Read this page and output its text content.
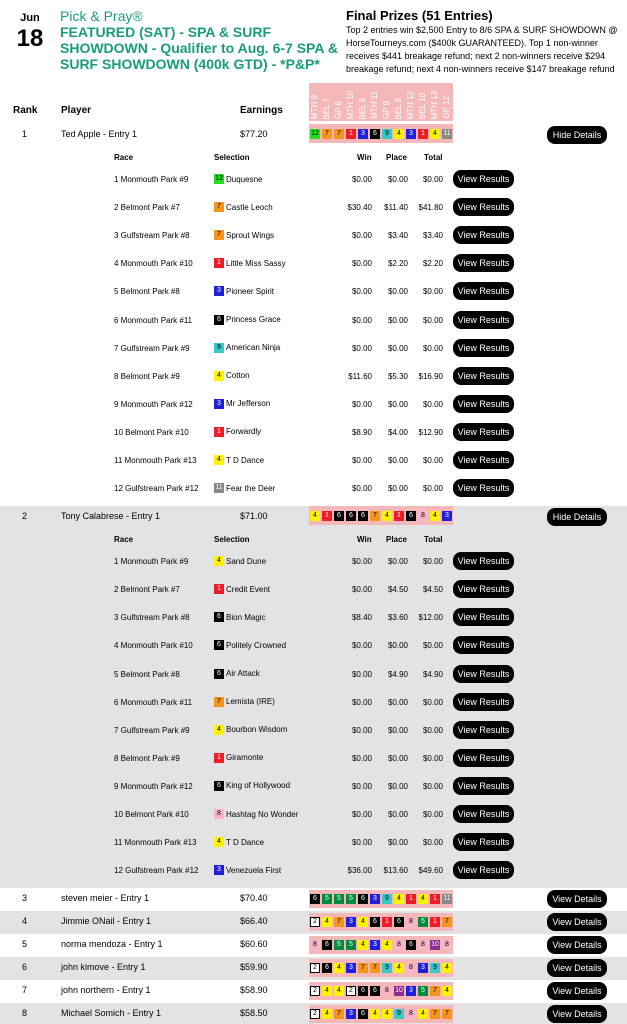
Jun
18
Pick & Pray®
FEATURED (SAT) - SPA & SURF
SHOWDOWN - Qualifier to Aug. 6-7 SPA &
SURF SHOWDOWN (400k GTD) - *P&P*
Final Prizes (51 Entries)
Top 2 entries win $2,500 Entry to 8/6 SPA & SURF SHOWDOWN @
HorseTourneys.com ($400k GUARANTEED). Top 1 non-winner
receives $441 breakage refund; next 2 non-winners receive $294
breakage refund; next 4 non-winners receive $147 breakage refund
MTH 9 BEL 7 GP 8 MTH 10 BEL 8 MTH 11 GP 9 BEL 9 MTH 12 BEL 10 MTH 13 GP 12
Rank Player	Earnings
1	Ted Apple - Entry 1	$77.20	12 7	7	1	3	6	9	4	3	1	4 11	Hide Details
Race	Selection	Win Place Total
1 Monmouth Park #9	12 Duquesne	$0.00	$0.00	$0.00	View Results
2 Belmont Park #7	7 Castle Leoch	$30.40	$11.40	$41.80	View Results
3 Gulfstream Park #8	7 Sprout Wings	$0.00	$3.40	$3.40	View Results
4 Monmouth Park #10	1 Little Miss Sassy	$0.00	$2.20	$2.20	View Results
5 Belmont Park #8	3 Pioneer Spirit	$0.00	$0.00	$0.00	View Results
6 Monmouth Park #11	6 Princess Grace	$0.00	$0.00	$0.00	View Results
7 Gulfstream Park #9	9 American Ninja	$0.00	$0.00	$0.00	View Results
8 Belmont Park #9	4 Cotton	$11.60	$5.30	$16.90	View Results
9 Monmouth Park #12	3 Mr Jefferson	$0.00	$0.00	$0.00	View Results
10 Belmont Park #10	1 Forwardly	$8.90	$4.00	$12.90	View Results
11 Monmouth Park #13	4 T D Dance	$0.00	$0.00	$0.00	View Results
12 Gulfstream Park #12 11 Fear the Deer	$0.00	$0.00	$0.00	View Results
2	Tony Calabrese - Entry 1	$71.00	4	1	6	6	6	7	4	1	6	8	4	3	Hide Details
Race	Selection	Win Place Total
1 Monmouth Park #9	4 Sand Dune	$0.00	$0.00	$0.00	View Results
2 Belmont Park #7	1 Credit Event	$0.00	$4.50	$4.50	View Results
3 Gulfstream Park #8	6 Bion Magic	$8.40	$3.60	$12.00	View Results
4 Monmouth Park #10	6 Politely Crowned	$0.00	$0.00	$0.00	View Results
5 Belmont Park #8	6 Air Attack	$0.00	$4.90	$4.90	View Results
6 Monmouth Park #11	7 Lemista (IRE)	$0.00	$0.00	$0.00	View Results
7 Gulfstream Park #9	4 Bourbon Wisdom	$0.00	$0.00	$0.00	View Results
8 Belmont Park #9	1 Giramonte	$0.00	$0.00	$0.00	View Results
9 Monmouth Park #12	6 King of Hollywood	$0.00	$0.00	$0.00	View Results
10 Belmont Park #10	8 Hashtag No Wonder	$0.00	$0.00	$0.00	View Results
11 Monmouth Park #13	4 T D Dance	$0.00	$0.00	$0.00	View Results
12 Gulfstream Park #12	3 Venezuela First	$36.00	$13.60	$49.60	View Results
3	steven meier - Entry 1	$70.40	6	5	5	5	6	3	9	4	1	4	1 11	View Details
4	Jimmie ONail - Entry 1	$66.40	2	4	7	3	4	6	1	6	8	5	1	7	View Details
5	norma mendoza - Entry 1	$60.60	8	6	5	5	4	3	4	8	6	8 10 8	View Details
6	john kimove - Entry 1	$59.90	2	6	4	3	7	7	9	4	8	3	9	4	View Details
7	john northern - Entry 1	$58.90	2	4	4	2	6	6	8 10 3	5	7	4	View Details
8	Michael Somich - Entry 1	$58.50	2	4	7	3	6	4	4	9	8	4	7	7	View Details
